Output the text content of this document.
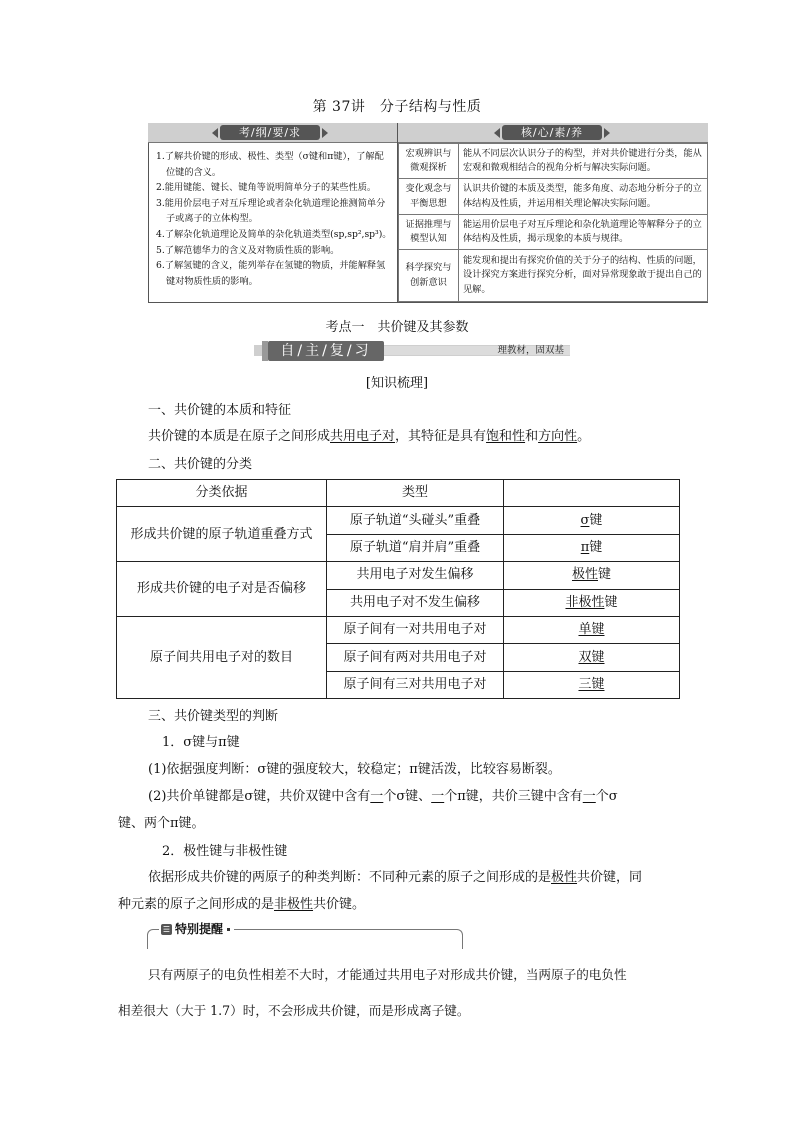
第 37讲　分子结构与性质
考/纲/要/求	核/心/素/养

1.了解共价键的形成、极性、类型（σ键和π键），了解配位键的含义。

2.能用键能、键长、键角等说明简单分子的某些性质。

3.能用价层电子对互斥理论或者杂化轨道理论推测简单分子或离子的立体构型。

4.了解杂化轨道理论及简单的杂化轨道类型(sp,sp²,sp³)。

5.了解范德华力的含义及对物质性质的影响。

6.了解氢键的含义，能列举存在氢键的物质，并能解释氢键对物质性质的影响。

宏观辨识与微观探析	能从不同层次认识分子的构型，并对共价键进行分类，能从宏观和微观相结合的视角分析与解决实际问题。
变化观念与平衡思想	认识共价键的本质及类型，能多角度、动态地分析分子的立体结构及性质，并运用相关理论解决实际问题。
证据推理与模型认知	能运用价层电子对互斥理论和杂化轨道理论等解释分子的立体结构及性质，揭示现象的本质与规律。
科学探究与创新意识	能发现和提出有探究价值的关于分子的结构、性质的问题，设计探究方案进行探究分析，面对异常现象敢于提出自己的见解。
考点一　共价键及其参数
自/主/复/习	理教材，固双基
[知识梳理]
一、共价键的本质和特征
共价键的本质是在原子之间形成共用电子对，其特征是具有饱和性和方向性。
二、共价键的分类
分类依据	类型	
形成共价键的原子轨道重叠方式	原子轨道“头碰头”重叠	σ键
	原子轨道“肩并肩”重叠	π键
形成共价键的电子对是否偏移	共用电子对发生偏移	极性键
	共用电子对不发生偏移	非极性键
原子间共用电子对的数目	原子间有一对共用电子对	单键
	原子间有两对共用电子对	双键
	原子间有三对共用电子对	三键
三、共价键类型的判断
1．σ键与π键
(1)依据强度判断：σ键的强度较大，较稳定；π键活泼，比较容易断裂。
(2)共价单键都是σ键，共价双键中含有一个σ键、一个π键，共价三键中含有一个σ
键、两个π键。
2．极性键与非极性键
依据形成共价键的两原子的种类判断：不同种元素的原子之间形成的是极性共价键，同
种元素的原子之间形成的是非极性共价键。
☰ 特别提醒
只有两原子的电负性相差不大时，才能通过共用电子对形成共价键，当两原子的电负性
相差很大（大于 1.7）时，不会形成共价键，而是形成离子键。
